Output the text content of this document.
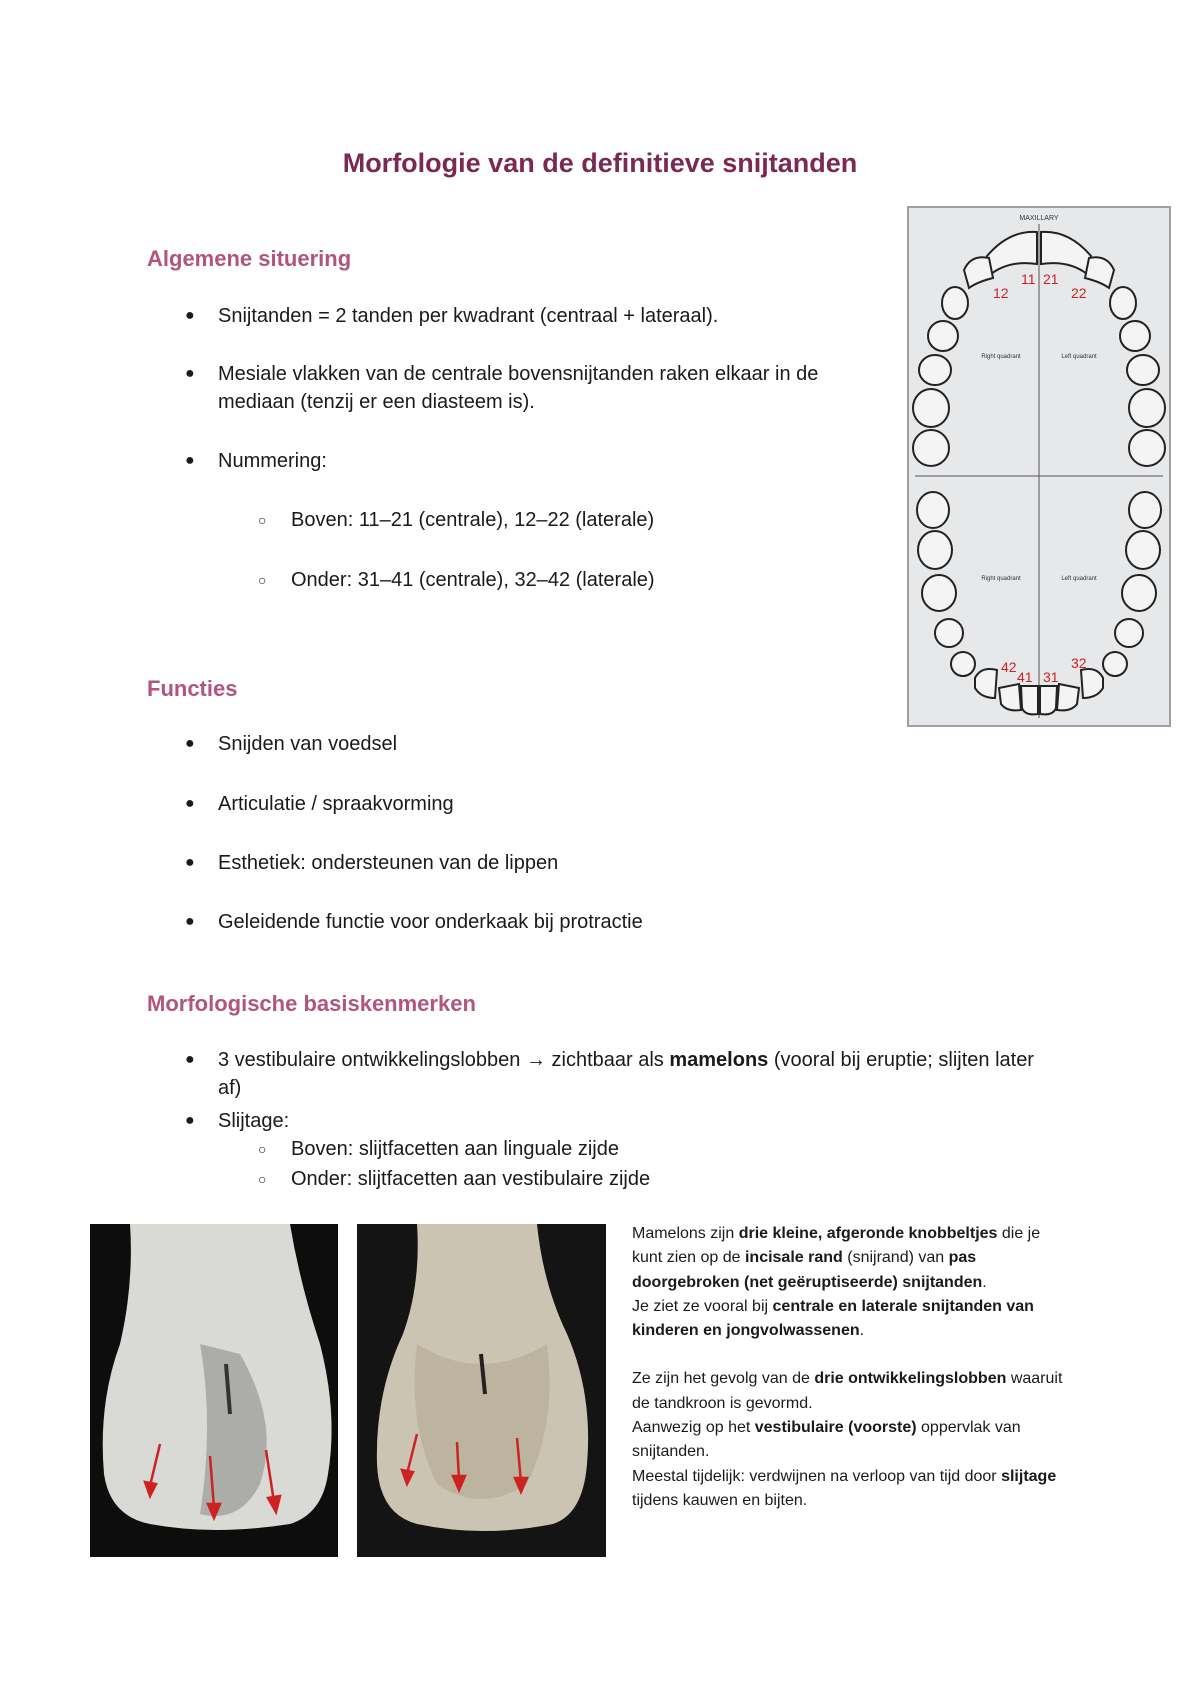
Morfologie van de definitieve snijtanden
Algemene situering
●	Snijtanden = 2 tanden per kwadrant (centraal + lateraal).
●	Mesiale vlakken van de centrale bovensnijtanden raken elkaar in de mediaan (tenzij er een diasteem is).
●	Nummering:
○ Boven: 11–21 (centrale), 12–22 (laterale)
○ Onder: 31–41 (centrale), 32–42 (laterale)
Functies
●	Snijden van voedsel
●	Articulatie / spraakvorming
●	Esthetiek: ondersteunen van de lippen
●	Geleidende functie voor onderkaak bij protractie
Morfologische basiskenmerken
●	3 vestibulaire ontwikkelingslobben → zichtbaar als mamelons (vooral bij eruptie; slijten later af)
●	Slijtage:
○ Boven: slijtfacetten aan linguale zijde
○ Onder: slijtfacetten aan vestibulaire zijde
MAXILLARY
Right quadrant	Left quadrant
Right quadrant	Left quadrant
11 21
12	22
42
41 31
32

Mamelons zijn drie kleine, afgeronde knobbeltjes die je kunt zien op de incisale rand (snijrand) van pas doorgebroken (net geëruptiseerde) snijtanden.

Je ziet ze vooral bij centrale en laterale snijtanden van kinderen en jongvolwassenen.

Ze zijn het gevolg van de drie ontwikkelingslobben waaruit de tandkroon is gevormd.

Aanwezig op het vestibulaire (voorste) oppervlak van snijtanden.

Meestal tijdelijk: verdwijnen na verloop van tijd door slijtage tijdens kauwen en bijten.
